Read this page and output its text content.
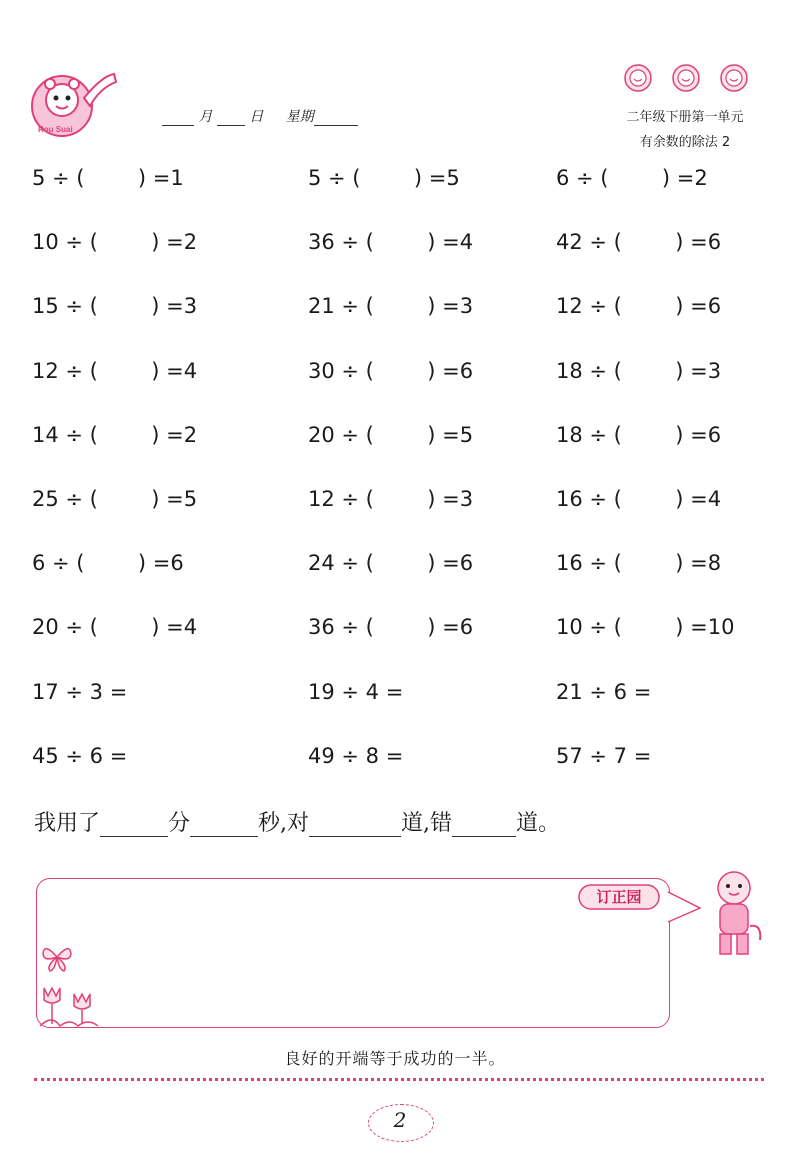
Rou Suai
月	日 星期	二年级下册第一单元
有余数的除法 2
5 ÷ (        ) =1	5 ÷ (        ) =5	6 ÷ (        ) =2
10 ÷ (        ) =2	36 ÷ (        ) =4	42 ÷ (        ) =6
15 ÷ (        ) =3	21 ÷ (        ) =3	12 ÷ (        ) =6
12 ÷ (        ) =4	30 ÷ (        ) =6	18 ÷ (        ) =3
14 ÷ (        ) =2	20 ÷ (        ) =5	18 ÷ (        ) =6
25 ÷ (        ) =5	12 ÷ (        ) =3	16 ÷ (        ) =4
6 ÷ (        ) =6	24 ÷ (        ) =6	16 ÷ (        ) =8
20 ÷ (        ) =4	36 ÷ (        ) =6	10 ÷ (        ) =10
17 ÷ 3 =	19 ÷ 4 =	21 ÷ 6 =
45 ÷ 6 =	49 ÷ 8 =	57 ÷ 7 =
我用了	分	秒,对	道,错	道。
订正园
良好的开端等于成功的一半。
2
